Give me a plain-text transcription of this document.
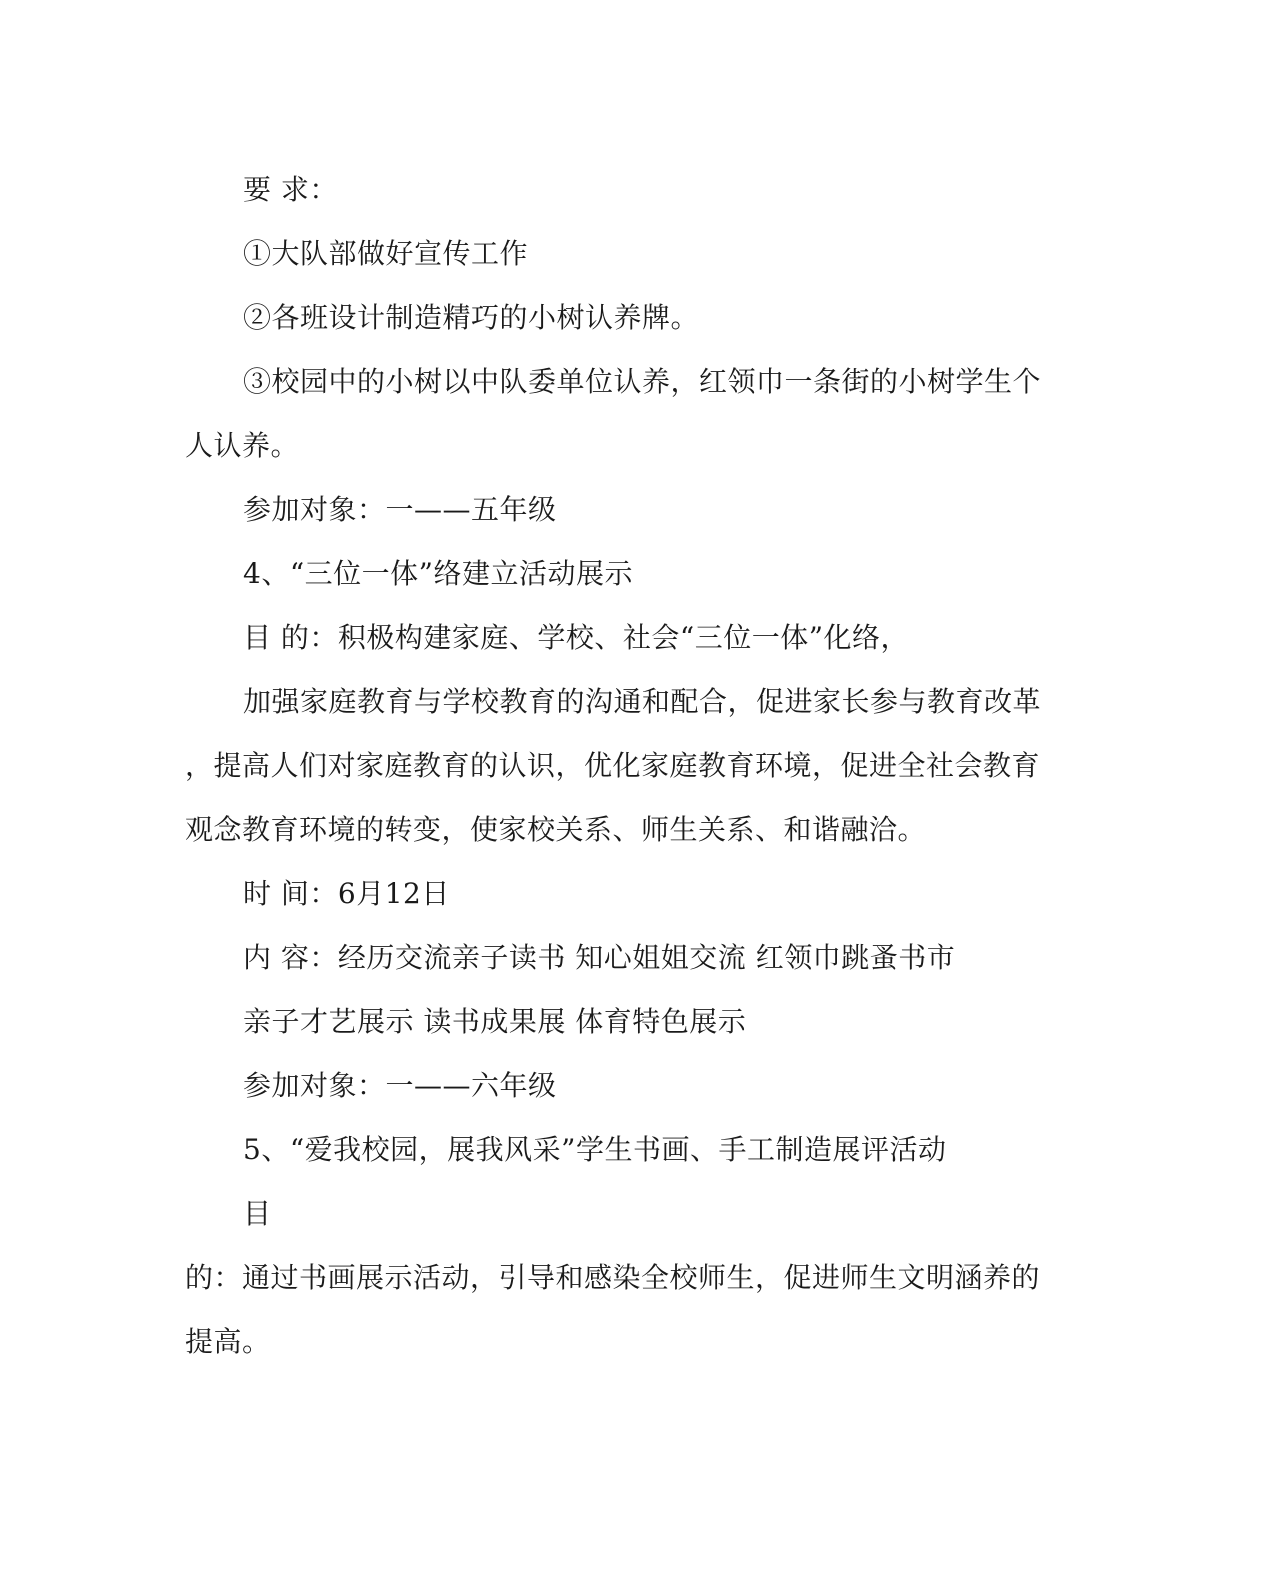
要 求：
①大队部做好宣传工作
②各班设计制造精巧的小树认养牌。
③校园中的小树以中队委单位认养，红领巾一条街的小树学生个
人认养。
参加对象：一——五年级
4、“三位一体”络建立活动展示
目 的：积极构建家庭、学校、社会“三位一体”化络，
加强家庭教育与学校教育的沟通和配合，促进家长参与教育改革
，提高人们对家庭教育的认识，优化家庭教育环境，促进全社会教育
观念教育环境的转变，使家校关系、师生关系、和谐融洽。
时 间：6月12日
内 容：经历交流亲子读书 知心姐姐交流 红领巾跳蚤书市
亲子才艺展示 读书成果展 体育特色展示
参加对象：一——六年级
5、“爱我校园，展我风采”学生书画、手工制造展评活动
目
的：通过书画展示活动，引导和感染全校师生，促进师生文明涵养的
提高。
